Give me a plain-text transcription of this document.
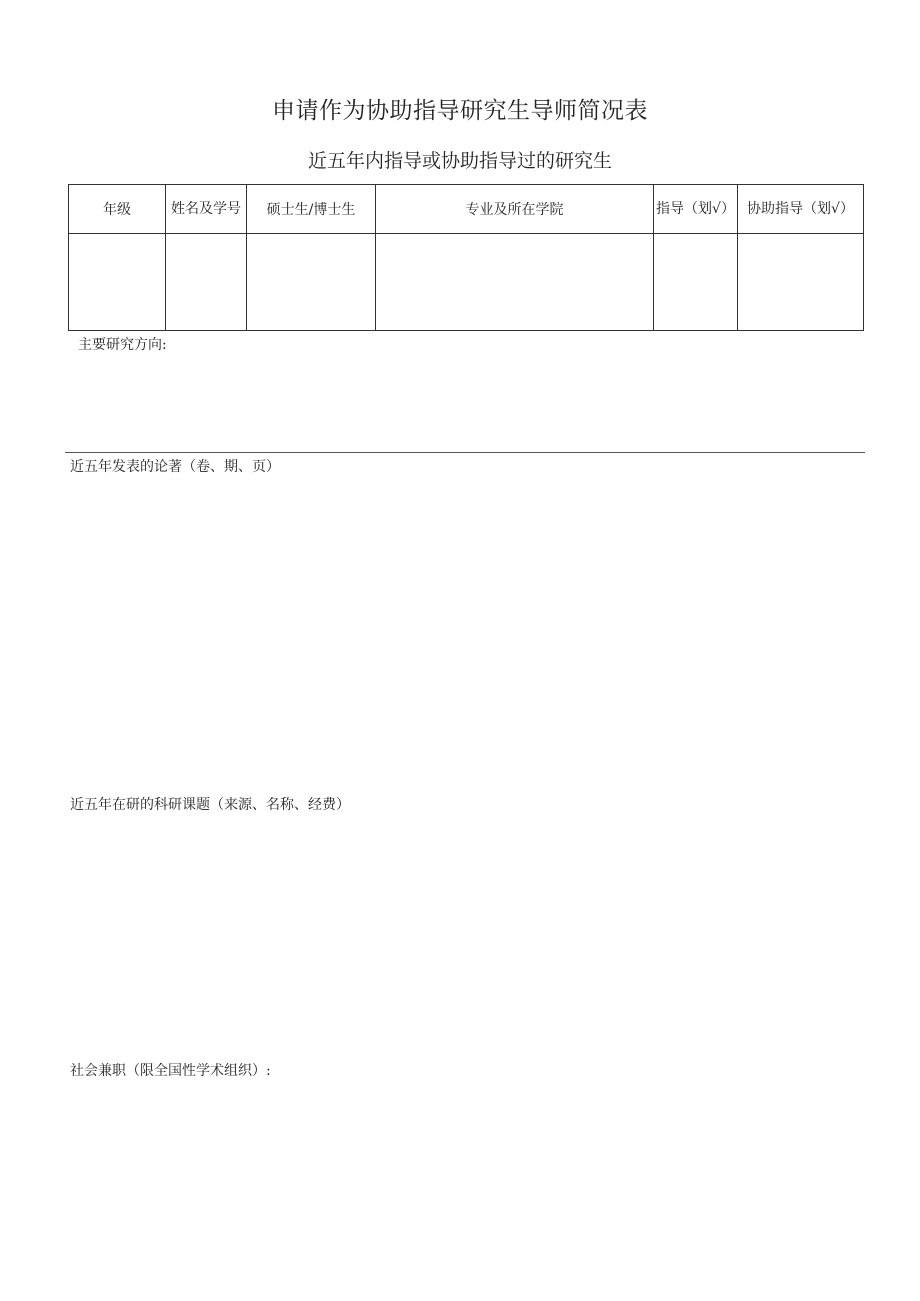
申请作为协助指导研究生导师简况表
近五年内指导或协助指导过的研究生
年级	姓名及学号	硕士生/博士生	专业及所在学院	指导（划√）	协助指导（划√）

主要研究方向:
近五年发表的论著（卷、期、页）
近五年在研的科研课题（来源、名称、经费）
社会兼职（限全国性学术组织）:
